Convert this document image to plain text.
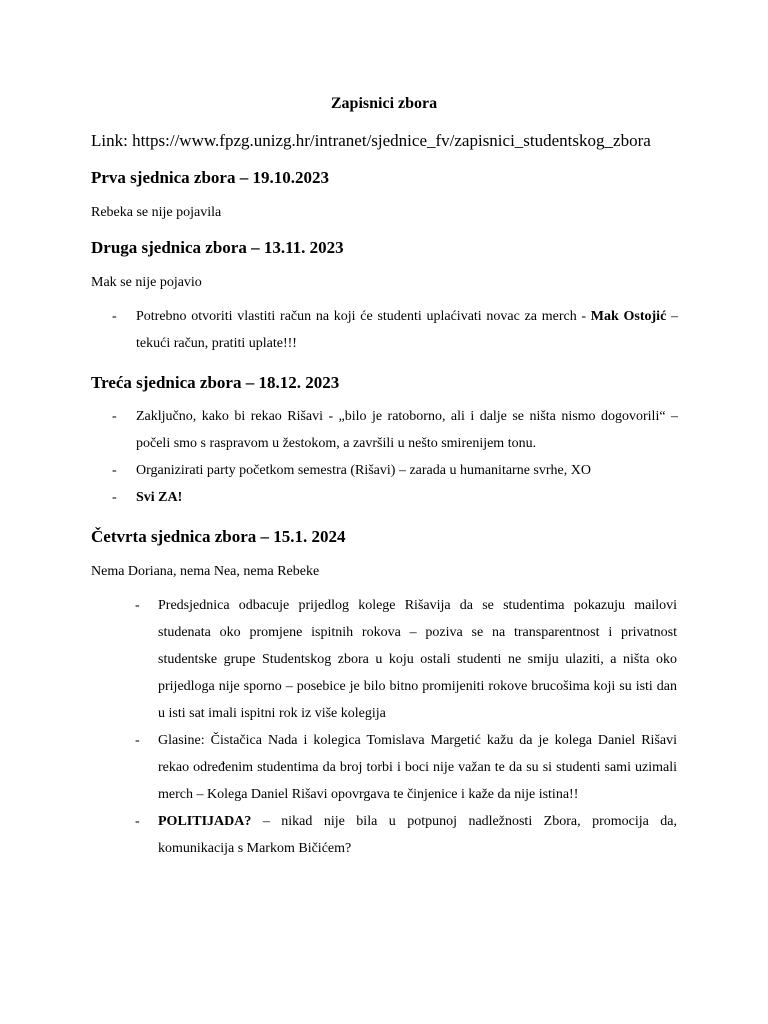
Zapisnici zbora
Link: https://www.fpzg.unizg.hr/intranet/sjednice_fv/zapisnici_studentskog_zbora
Prva sjednica zbora – 19.10.2023
Rebeka se nije pojavila
Druga sjednica zbora – 13.11. 2023
Mak se nije pojavio
- Potrebno otvoriti vlastiti račun na koji će studenti uplaćivati novac za merch - Mak Ostojić – tekući račun, pratiti uplate!!!
Treća sjednica zbora – 18.12. 2023
- Zaključno, kako bi rekao Rišavi - „bilo je ratoborno, ali i dalje se ništa nismo dogovorili“ – počeli smo s raspravom u žestokom, a završili u nešto smirenijem tonu.
- Organizirati party početkom semestra (Rišavi) – zarada u humanitarne svrhe, XO
- Svi ZA!
Četvrta sjednica zbora – 15.1. 2024
Nema Doriana, nema Nea, nema Rebeke
- Predsjednica odbacuje prijedlog kolege Rišavija da se studentima pokazuju mailovi studenata oko promjene ispitnih rokova – poziva se na transparentnost i privatnost studentske grupe Studentskog zbora u koju ostali studenti ne smiju ulaziti, a ništa oko prijedloga nije sporno – posebice je bilo bitno promijeniti rokove brucošima koji su isti dan u isti sat imali ispitni rok iz više kolegija
- Glasine: Čistačica Nada i kolegica Tomislava Margetić kažu da je kolega Daniel Rišavi rekao određenim studentima da broj torbi i boci nije važan te da su si studenti sami uzimali merch – Kolega Daniel Rišavi opovrgava te činjenice i kaže da nije istina!!
- POLITIJADA? – nikad nije bila u potpunoj nadležnosti Zbora, promocija da, komunikacija s Markom Bičićem?
